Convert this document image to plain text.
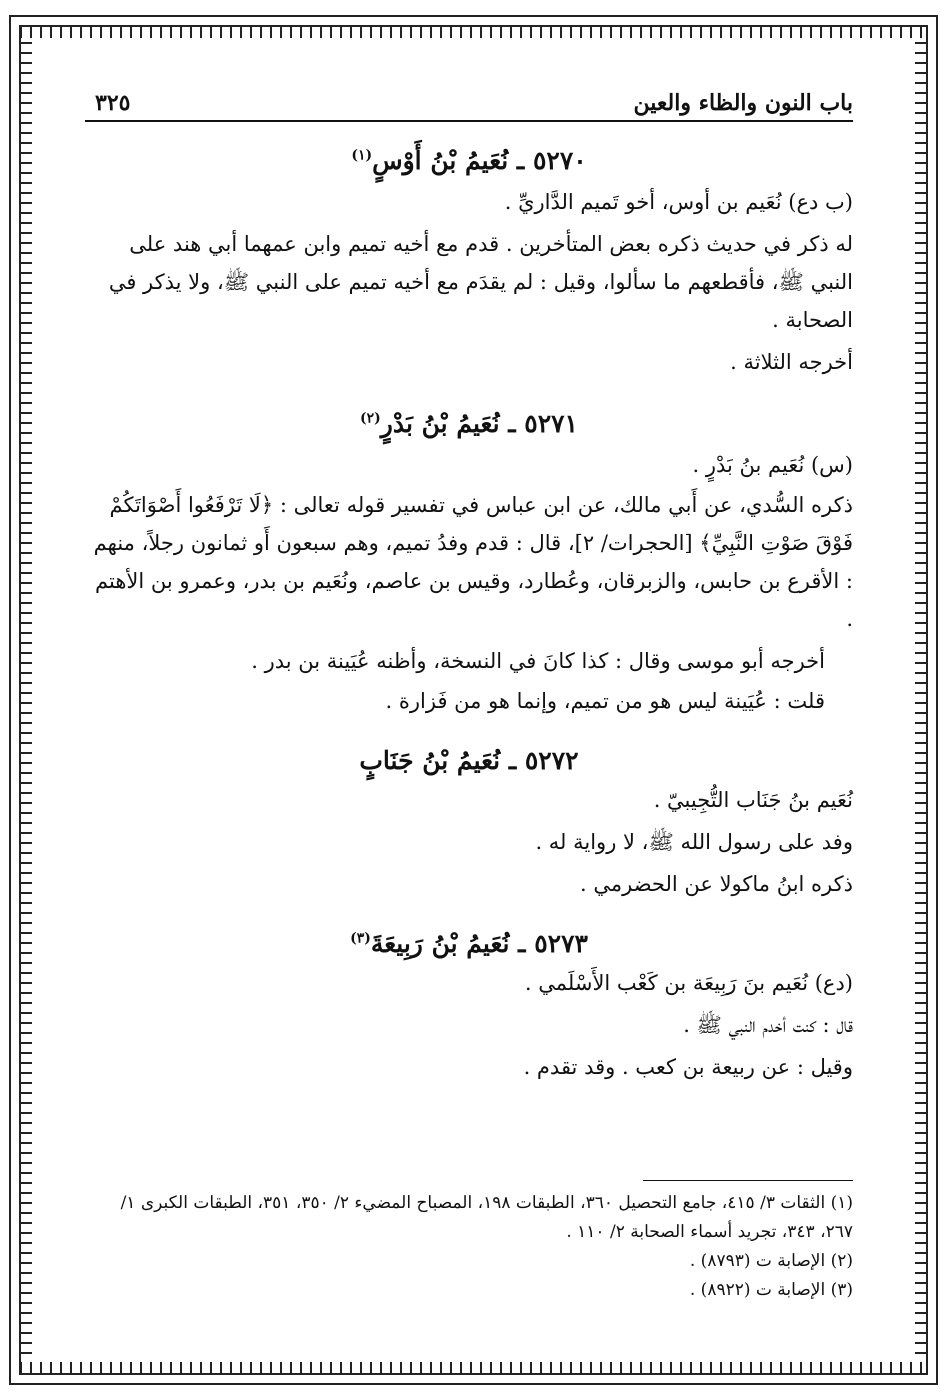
باب النون والظاء والعين
٣٢٥
٥٢٧٠ ـ نُعَيمُ بْنُ أَوْسٍ$^{(١)}$

(ب دع) نُعَيم بن أوس، أخو تَميم الدَّاريِّ .

له ذكر في حديث ذكره بعض المتأخرين . قدم مع أخيه تميم وابن عمهما أبي هند على النبي ﷺ، فأقطعهم ما سألوا، وقيل : لم يقدَم مع أخيه تميم على النبي ﷺ، ولا يذكر في الصحابة .

أخرجه الثلاثة .

٥٢٧١ ـ نُعَيمُ بْنُ بَدْرٍ$^{(٢)}$

(س) نُعَيم بنُ بَدْرٍ .

ذكره السُّدي، عن أَبي مالك، عن ابن عباس في تفسير قوله تعالى : ﴿لَا تَرْفَعُوا أَصْوَاتَكُمْ فَوْقَ صَوْتِ النَّبِيِّ﴾ [الحجرات/ ٢]، قال : قدم وفدُ تميم، وهم سبعون أَو ثمانون رجلاً، منهم : الأقرع بن حابس، والزبرقان، وعُطارد، وقيس بن عاصم، ونُعَيم بن بدر، وعمرو بن الأهتم .

أخرجه أبو موسى وقال : كذا كانَ في النسخة، وأظنه عُيَينة بن بدر .

قلت : عُيَينة ليس هو من تميم، وإنما هو من فَزارة .

٥٢٧٢ ـ نُعَيمُ بْنُ جَنَابٍ

نُعَيم بنُ جَنَاب التُّجِيبيّ .

وفد على رسول الله ﷺ، لا رواية له .

ذكره ابنُ ماكولا عن الحضرمي .

٥٢٧٣ ـ نُعَيمُ بْنُ رَبِيعَةَ$^{(٣)}$

(دع) نُعَيم بنَ رَبِيعَة بن كَعْب الأَسْلَمي .

قال : كنت أخدم النبي ﷺ .

وقيل : عن ربيعة بن كعب . وقد تقدم .

(١) الثقات ٣/ ٤١٥، جامع التحصيل ٣٦٠، الطبقات ١٩٨، المصباح المضيء ٢/ ٣٥٠، ٣٥١، الطبقات الكبرى ١/ ٢٦٧، ٣٤٣، تجريد أسماء الصحابة ٢/ ١١٠ .

(٢) الإصابة ت (٨٧٩٣) .

(٣) الإصابة ت (٨٩٢٢) .
